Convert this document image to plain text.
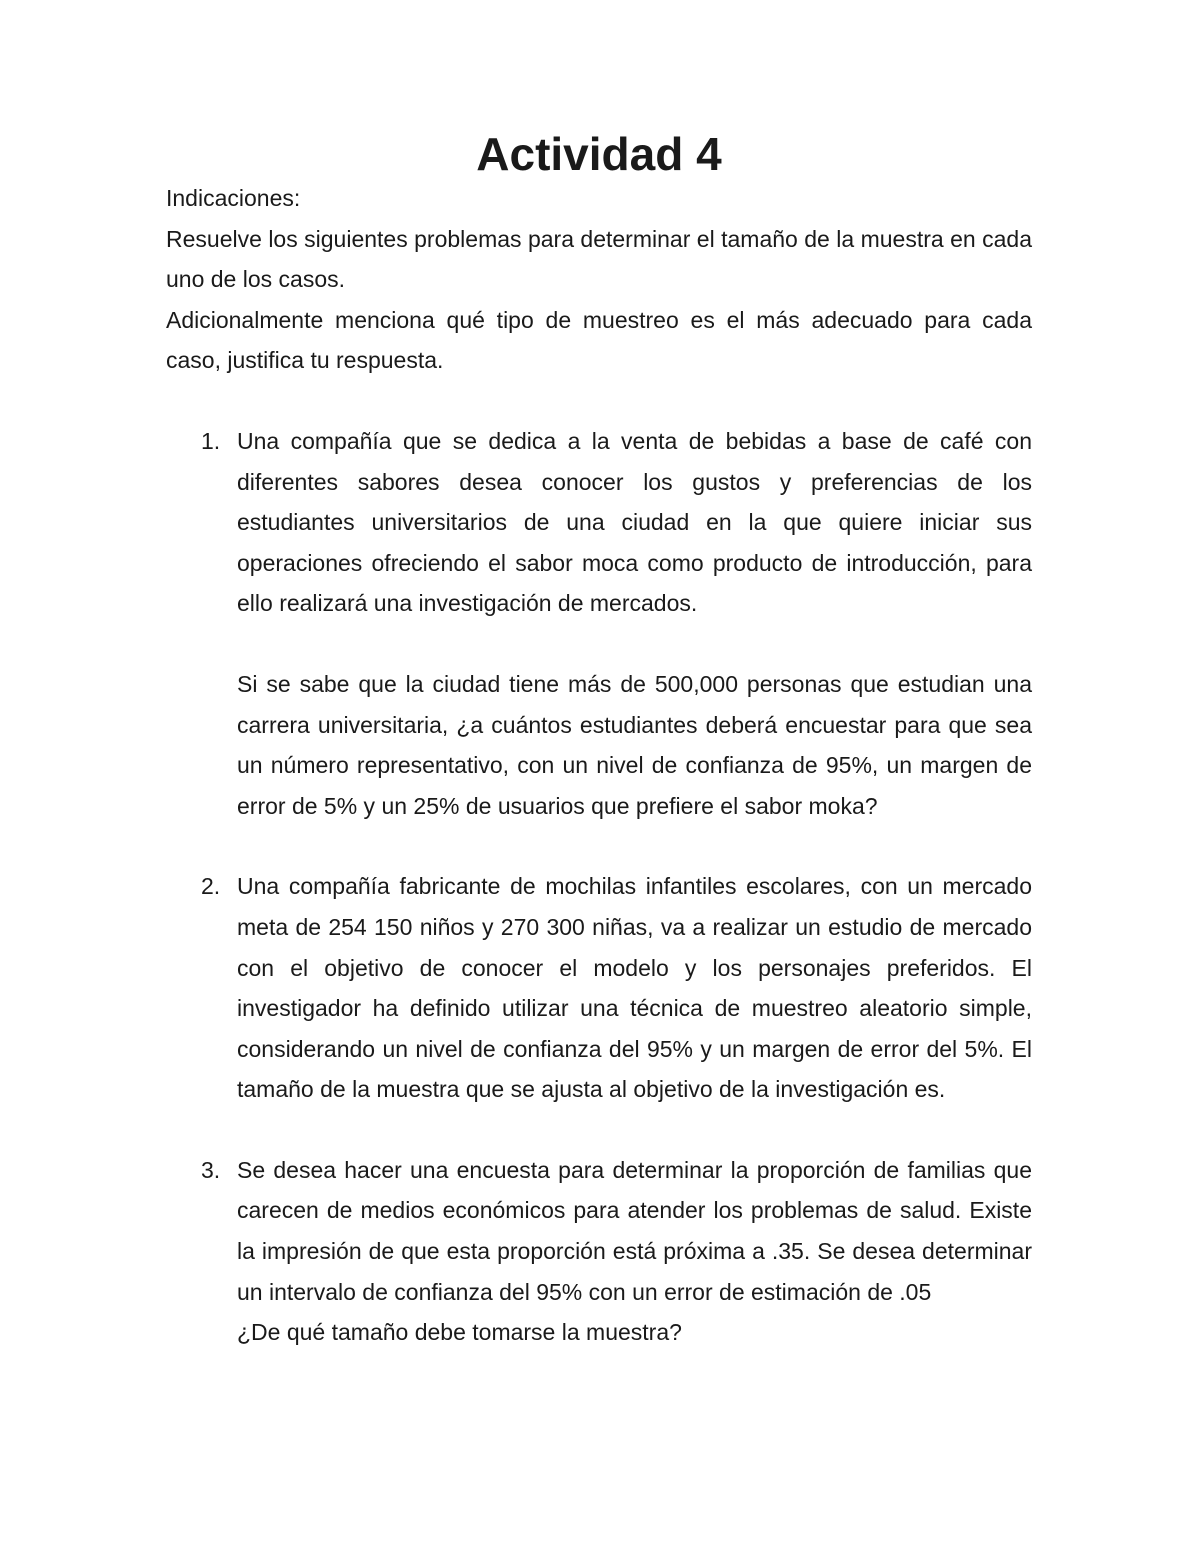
Actividad 4

Indicaciones:

Resuelve los siguientes problemas para determinar el tamaño de la muestra en cada uno de los casos.

Adicionalmente menciona qué tipo de muestreo es el más adecuado para cada caso, justifica tu respuesta.

1. Una compañía que se dedica a la venta de bebidas a base de café con diferentes sabores desea conocer los gustos y preferencias de los estudiantes universitarios de una ciudad en la que quiere iniciar sus operaciones ofreciendo el sabor moca como producto de introducción, para ello realizará una investigación de mercados.

Si se sabe que la ciudad tiene más de 500,000 personas que estudian una carrera universitaria, ¿a cuántos estudiantes deberá encuestar para que sea un número representativo, con un nivel de confianza de 95%, un margen de error de 5% y un 25% de usuarios que prefiere el sabor moka?

2. Una compañía fabricante de mochilas infantiles escolares, con un mercado meta de 254 150 niños y 270 300 niñas, va a realizar un estudio de mercado con el objetivo de conocer el modelo y los personajes preferidos. El investigador ha definido utilizar una técnica de muestreo aleatorio simple, considerando un nivel de confianza del 95% y un margen de error del 5%. El tamaño de la muestra que se ajusta al objetivo de la investigación es.

3. Se desea hacer una encuesta para determinar la proporción de familias que carecen de medios económicos para atender los problemas de salud. Existe la impresión de que esta proporción está próxima a .35. Se desea determinar un intervalo de confianza del 95% con un error de estimación de .05

¿De qué tamaño debe tomarse la muestra?
